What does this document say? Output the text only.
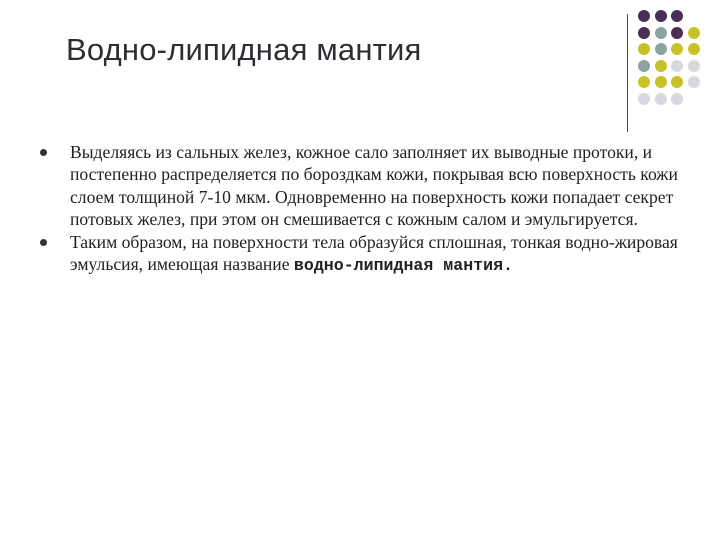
Водно-липидная мантия
Выделяясь из сальных желез, кожное сало заполняет их выводные протоки, и постепенно распределяется по бороздкам кожи, покрывая всю поверхность кожи слоем толщиной 7-10 мкм. Одновременно на поверхность кожи попадает секрет потовых желез, при этом он смешивается с кожным салом и эмульгируется.
Таким образом, на поверхности тела образуйся сплошная, тонкая водно-жировая эмульсия, имеющая название водно-липидная мантия.
